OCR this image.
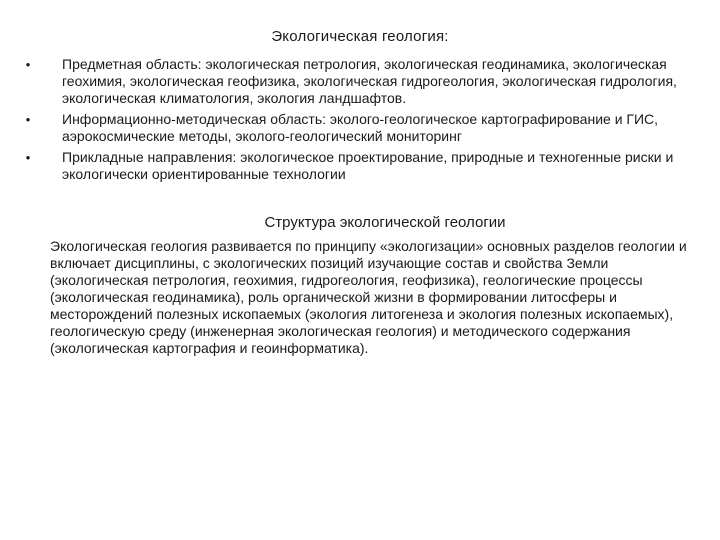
Экологическая геология:
• Предметная область: экологическая петрология, экологическая геодинамика, экологическая геохимия, экологическая геофизика, экологическая гидрогеология, экологическая гидрология, экологическая климатология, экология ландшафтов.
• Информационно-методическая область: эколого-геологическое картографирование и ГИС, аэрокосмические методы, эколого-геологический мониторинг
• Прикладные направления: экологическое проектирование, природные и техногенные риски и экологически ориентированные технологии
Структура экологической геологии

Экологическая геология развивается по принципу «экологизации» основных разделов геологии и включает дисциплины, с экологических позиций изучающие состав и свойства Земли (экологическая петрология, геохимия, гидрогеология, геофизика), геологические процессы (экологическая геодинамика), роль органической жизни в формировании литосферы и месторождений полезных ископаемых (экология литогенеза и экология полезных ископаемых), геологическую среду (инженерная экологическая геология) и методического содержания (экологическая картография и геоинформатика).
